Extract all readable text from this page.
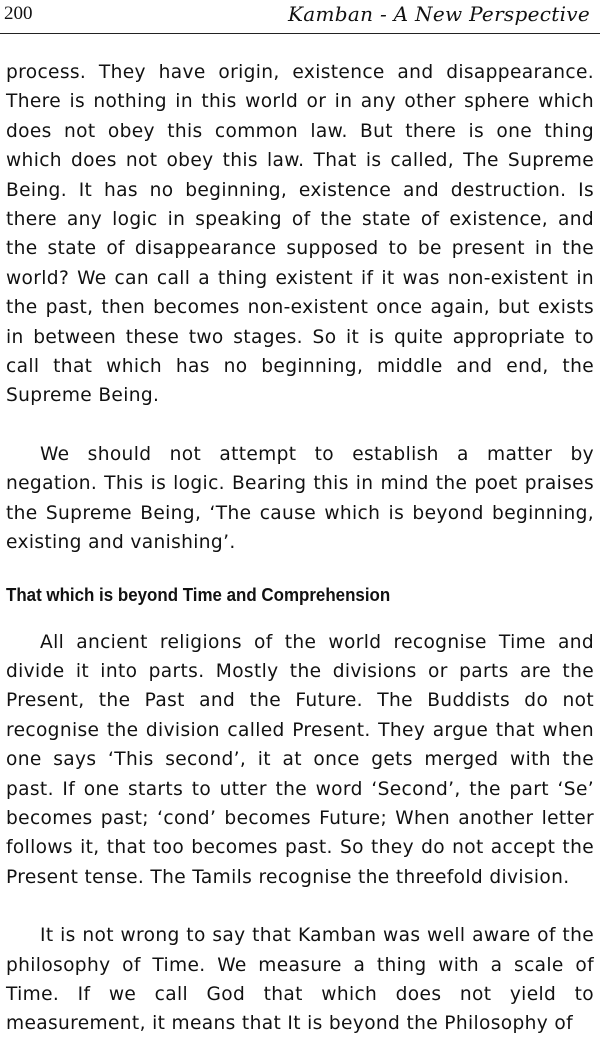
200	Kamban - A New Perspective

process. They have origin, existence and disappearance. There is nothing in this world or in any other sphere which does not obey this common law. But there is one thing which does not obey this law. That is called, The Supreme Being. It has no beginning, existence and destruction. Is there any logic in speaking of the state of existence, and the state of disappearance supposed to be present in the world? We can call a thing existent if it was non-existent in the past, then becomes non-existent once again, but exists in between these two stages. So it is quite appropriate to call that which has no beginning, middle and end, the Supreme Being.

We should not attempt to establish a matter by negation. This is logic. Bearing this in mind the poet praises the Supreme Being, ‘The cause which is beyond beginning, existing and vanishing’.

That which is beyond Time and Comprehension

All ancient religions of the world recognise Time and divide it into parts. Mostly the divisions or parts are the Present, the Past and the Future. The Buddists do not recognise the division called Present. They argue that when one says ‘This second’, it at once gets merged with the past. If one starts to utter the word ‘Second’, the part ‘Se’ becomes past; ‘cond’ becomes Future; When another letter follows it, that too becomes past. So they do not accept the Present tense. The Tamils recognise the threefold division.

It is not wrong to say that Kamban was well aware of the philosophy of Time. We measure a thing with a scale of Time. If we call God that which does not yield to measurement, it means that It is beyond the Philosophy of
